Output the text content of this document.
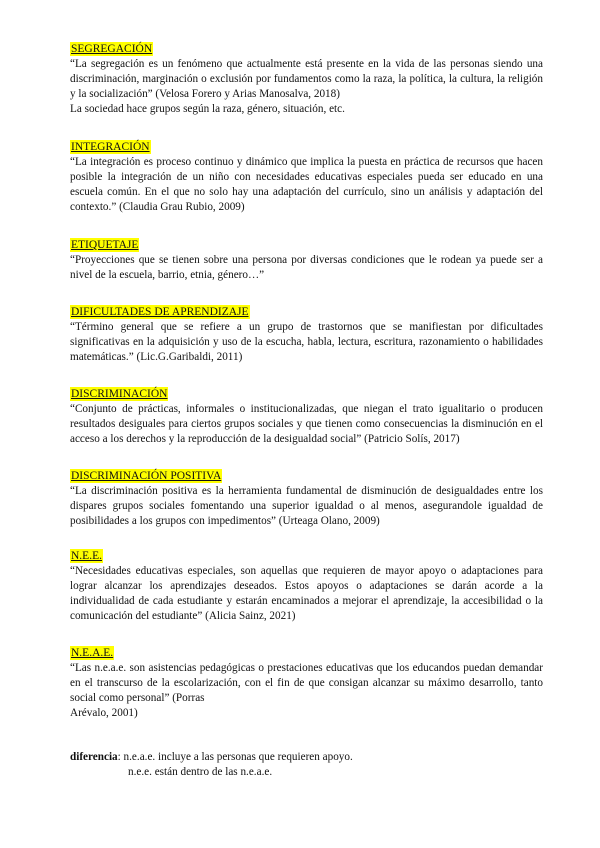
SEGREGACIÓN

“La segregación es un fenómeno que actualmente está presente en la vida de las personas siendo una discriminación, marginación o exclusión por fundamentos como la raza, la política, la cultura, la religión y la socialización” (Velosa Forero y Arias Manosalva, 2018)

La sociedad hace grupos según la raza, género, situación, etc.

INTEGRACIÓN

“La integración es proceso continuo y dinámico que implica la puesta en práctica de recursos que hacen posible la integración de un niño con necesidades educativas especiales pueda ser educado en una escuela común. En el que no solo hay una adaptación del currículo, sino un análisis y adaptación del contexto.” (Claudia Grau Rubio, 2009)

ETIQUETAJE

“Proyecciones que se tienen sobre una persona por diversas condiciones que le rodean ya puede ser a nivel de la escuela, barrio, etnia, género…”

DIFICULTADES DE APRENDIZAJE

“Término general que se refiere a un grupo de trastornos que se manifiestan por dificultades significativas en la adquisición y uso de la escucha, habla, lectura, escritura, razonamiento o habilidades matemáticas.” (Lic.G.Garibaldi, 2011)

DISCRIMINACIÓN

“Conjunto de prácticas, informales o institucionalizadas, que niegan el trato igualitario o producen resultados desiguales para ciertos grupos sociales y que tienen como consecuencias la disminución en el acceso a los derechos y la reproducción de la desigualdad social” (Patricio Solís, 2017)

DISCRIMINACIÓN POSITIVA

“La discriminación positiva es la herramienta fundamental de disminución de desigualdades entre los dispares grupos sociales fomentando una superior igualdad o al menos, asegurandole igualdad de posibilidades a los grupos con impedimentos” (Urteaga Olano, 2009)

N.E.E.

“Necesidades educativas especiales, son aquellas que requieren de mayor apoyo o adaptaciones para lograr alcanzar los aprendizajes deseados. Estos apoyos o adaptaciones se darán acorde a la individualidad de cada estudiante y estarán encaminados a mejorar el aprendizaje, la accesibilidad o la comunicación del estudiante” (Alicia Sainz, 2021)

N.E.A.E.

“Las n.e.a.e. son asistencias pedagógicas o prestaciones educativas que los educandos puedan demandar en el transcurso de la escolarización, con el fin de que consigan alcanzar su máximo desarrollo, tanto social como personal” (Porras

Arévalo, 2001)

diferencia : n.e.a.e. incluye a las personas que requieren apoyo.
n.e.e. están dentro de las n.e.a.e.
